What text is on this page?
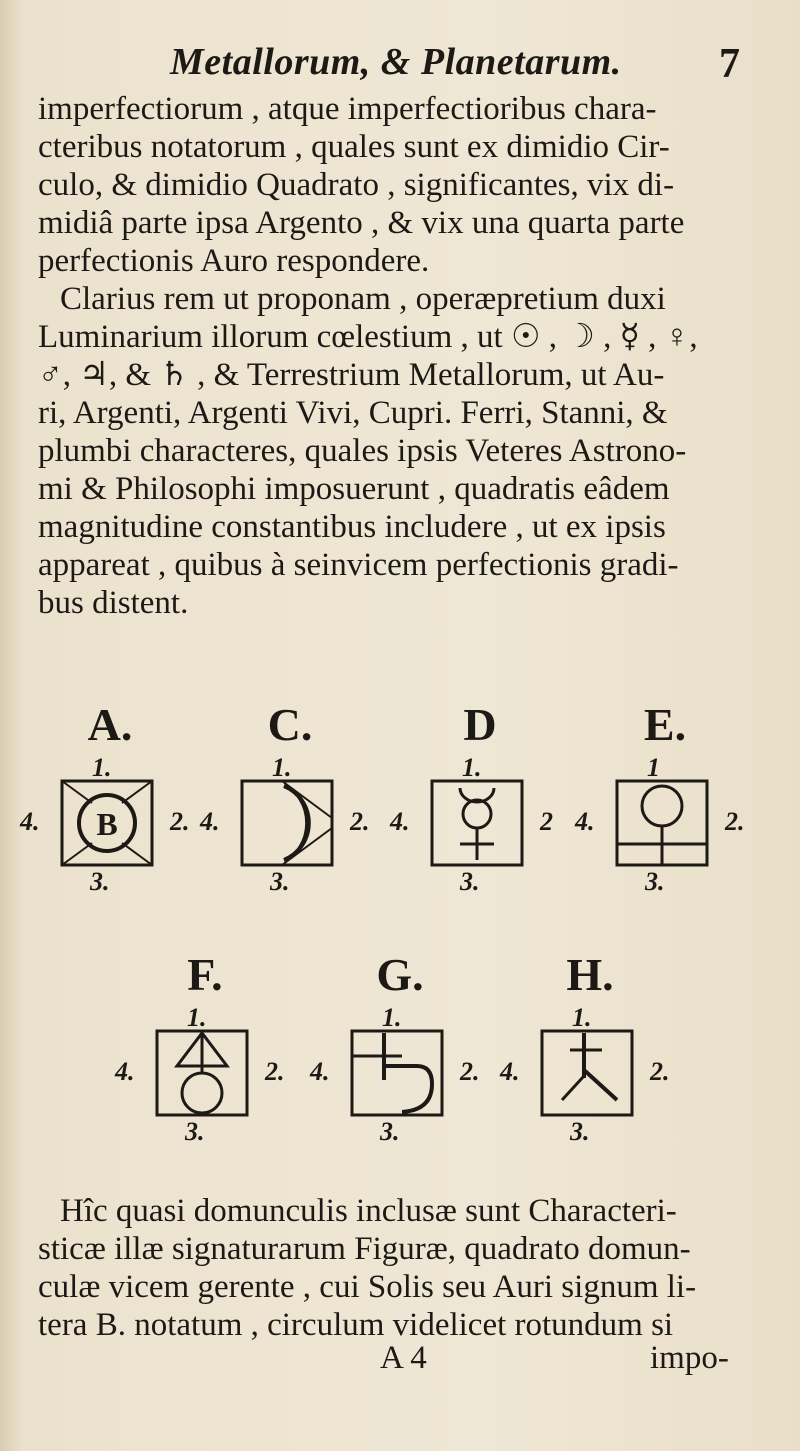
Metallorum, & Planetarum. 7
imperfectiorum , atque imperfectioribus chara-
cteribus notatorum , quales sunt ex dimidio Cir-
culo, & dimidio Quadrato , significantes, vix di-
midiâ parte ipsa Argento , & vix una quarta parte
perfectionis Auro respondere.
Clarius rem ut proponam , operæpretium duxi
Luminarium illorum cœlestium , ut ☉ , ☽ , ☿ , ♀,
♂, ♃, & ♄ , & Terrestrium Metallorum, ut Au-
ri, Argenti, Argenti Vivi, Cupri. Ferri, Stanni, &
plumbi characteres, quales ipsis Veteres Astrono-
mi & Philosophi imposuerunt , quadratis eâdem
magnitudine constantibus includere , ut ex ipsis
appareat , quibus à seinvicem perfectionis gradi-
bus distent.
A.
1.
4.	2.
3.
B
C.
1.
4.	2.
3.
D
1.
4.	2
3.
E.
1
4.	2.
3.
F.
1.
4.	2.
3.
G.
1.
4.	2.
3.
H.
1.
4.	2.
3.
Hîc quasi domunculis inclusæ sunt Characteri-
sticæ illæ signaturarum Figuræ, quadrato domun-
culæ vicem gerente , cui Solis seu Auri signum li-
tera B. notatum , circulum videlicet rotundum si
A 4	impo-
